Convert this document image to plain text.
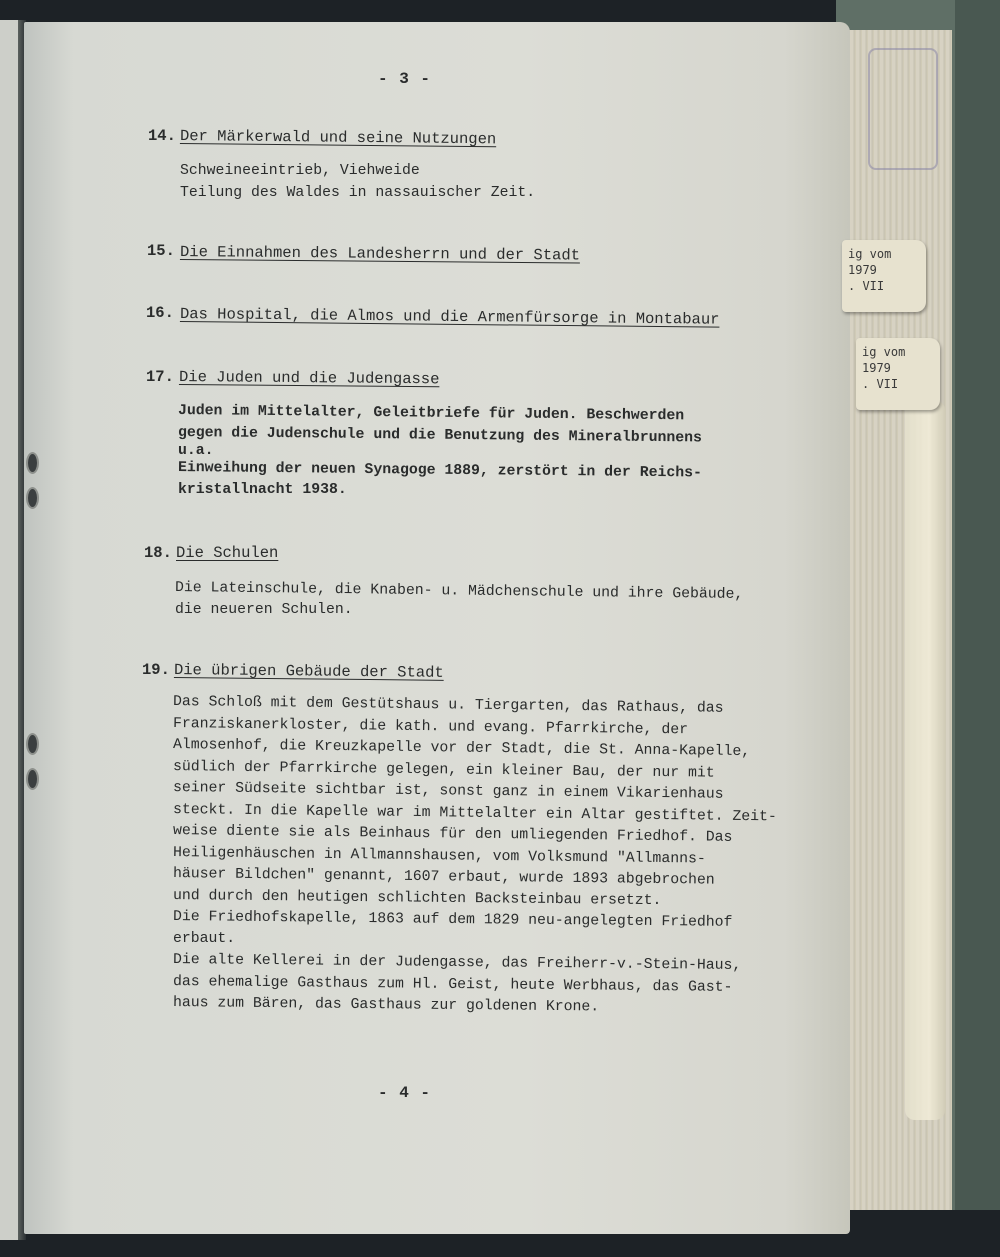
ig vom
1979
. VII
ig vom
1979
. VII
- 3 -
14. Der Märkerwald und seine Nutzungen
Schweineeintrieb, Viehweide
Teilung des Waldes in nassauischer Zeit.
15. Die Einnahmen des Landesherrn und der Stadt
16. Das Hospital, die Almos und die Armenfürsorge in Montabaur
17. Die Juden und die Judengasse
Juden im Mittelalter, Geleitbriefe für Juden. Beschwerden
gegen die Judenschule und die Benutzung des Mineralbrunnens
u.a.
Einweihung der neuen Synagoge 1889, zerstört in der Reichs-
kristallnacht 1938.
18. Die Schulen
Die Lateinschule, die Knaben- u. Mädchenschule und ihre Gebäude,
die neueren Schulen.
19. Die übrigen Gebäude der Stadt
Das Schloß mit dem Gestütshaus u. Tiergarten, das Rathaus, das
Franziskanerkloster, die kath. und evang. Pfarrkirche, der
Almosenhof, die Kreuzkapelle vor der Stadt, die St. Anna-Kapelle,
südlich der Pfarrkirche gelegen, ein kleiner Bau, der nur mit
seiner Südseite sichtbar ist, sonst ganz in einem Vikarienhaus
steckt. In die Kapelle war im Mittelalter ein Altar gestiftet. Zeit-
weise diente sie als Beinhaus für den umliegenden Friedhof. Das
Heiligenhäuschen in Allmannshausen, vom Volksmund "Allmanns-
häuser Bildchen" genannt, 1607 erbaut, wurde 1893 abgebrochen
und durch den heutigen schlichten Backsteinbau ersetzt.
Die Friedhofskapelle, 1863 auf dem 1829 neu-angelegten Friedhof
erbaut.
Die alte Kellerei in der Judengasse, das Freiherr-v.-Stein-Haus,
das ehemalige Gasthaus zum Hl. Geist, heute Werbhaus, das Gast-
haus zum Bären, das Gasthaus zur goldenen Krone.
- 4 -
